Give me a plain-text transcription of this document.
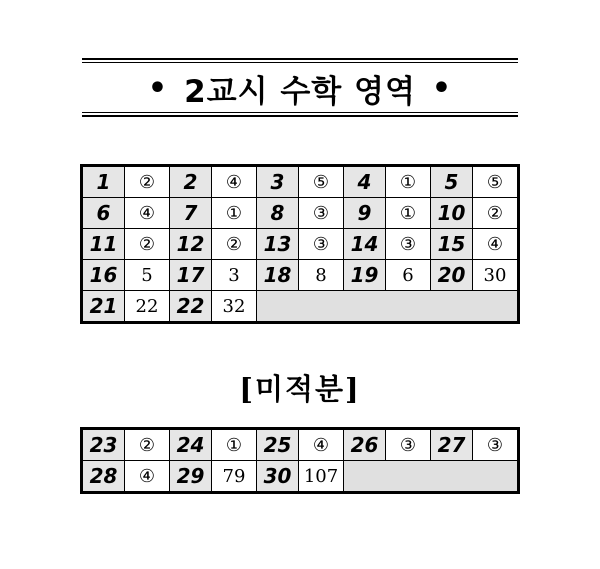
• 2교시 수학 영역 •
1	②	2	④	3	⑤	4	①	5	⑤
6	④	7	①	8	③	9	①	10	②
11	②	12	②	13	③	14	③	15	④
16	5	17	3	18	8	19	6	20	30
21	22	22	32						
[미적분]
23	②	24	①	25	④	26	③	27	③
28	④	29	79	30	107				
